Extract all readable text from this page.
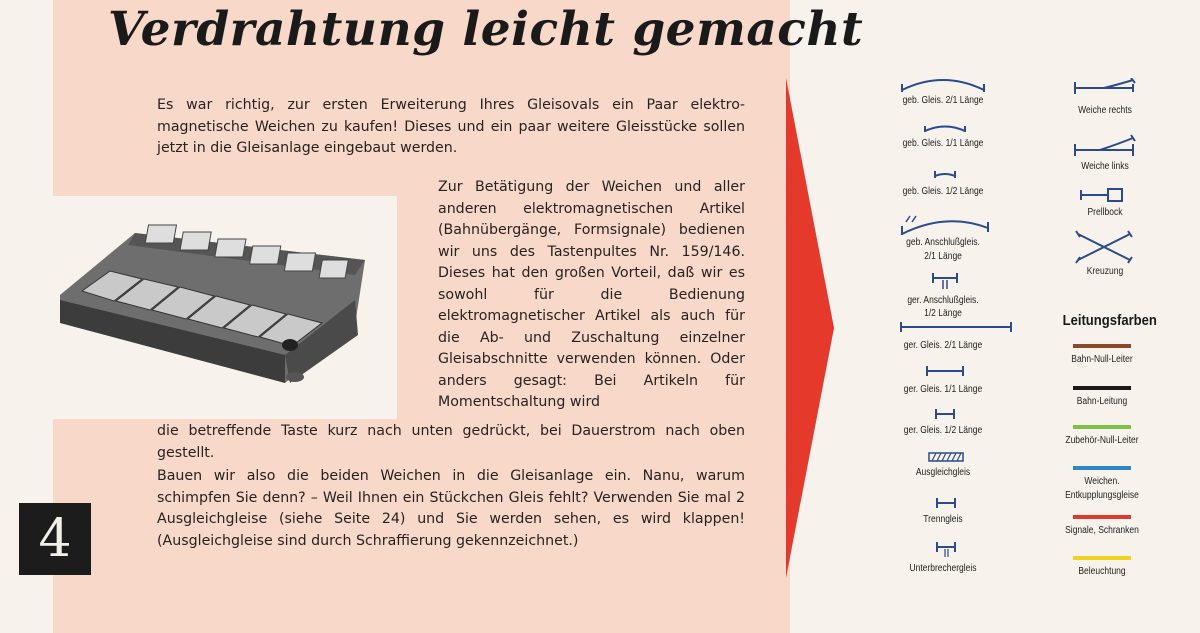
Verdrahtung leicht gemacht

Es war richtig, zur ersten Erweiterung Ihres Gleisovals ein Paar elektromagnetische Weichen zu kaufen! Dieses und ein paar weitere Gleisstücke sollen jetzt in die Gleisanlage eingebaut werden.

Zur Betätigung der Weichen und aller anderen elektromagnetischen Artikel (Bahnübergänge, Formsignale) bedienen wir uns des Tastenpultes Nr. 159/146. Dieses hat den großen Vorteil, daß wir es sowohl für die Bedienung elektromagnetischer Artikel als auch für die Ab- und Zuschaltung einzelner Gleisabschnitte verwenden können. Oder anders gesagt: Bei Artikeln für Momentschaltung wird

die betreffende Taste kurz nach unten gedrückt, bei Dauerstrom nach oben gestellt.

Bauen wir also die beiden Weichen in die Gleisanlage ein. Nanu, warum schimpfen Sie denn? – Weil Ihnen ein Stückchen Gleis fehlt? Verwenden Sie mal 2 Ausgleichgleise (siehe Seite 24) und Sie werden sehen, es wird klappen! (Ausgleichgleise sind durch Schraffierung gekennzeichnet.)

4
geb. Gleis. 2/1 Länge
geb. Gleis. 1/1 Länge
geb. Gleis. 1/2 Länge
geb. Anschlußgleis.
2/1 Länge
ger. Anschlußgleis.
1/2 Länge
ger. Gleis. 2/1 Länge
ger. Gleis. 1/1 Länge
ger. Gleis. 1/2 Länge
Ausgleichgleis
Trenngleis
Unterbrechergleis
Weiche rechts
Weiche links
Prellbock
Kreuzung
Leitungsfarben
Bahn-Null-Leiter
Bahn-Leitung
Zubehör-Null-Leiter
Weichen.
Entkupplungsgleise
Signale, Schranken
Beleuchtung
